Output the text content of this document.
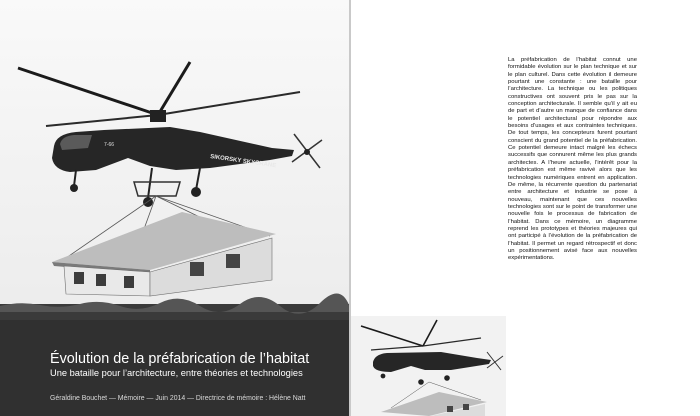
7-66
SIKORSKY SKYCRANE
Évolution de la préfabrication de l’habitat
Une bataille pour l’architecture, entre théories et technologies
Géraldine Bouchet — Mémoire — Juin 2014 — Directrice de mémoire : Hélène Natt

La préfabrication de l’habitat connut une formidable évolution sur le plan technique et sur le plan culturel. Dans cette évolution il demeure pourtant une constante : une bataille pour l’architecture. La technique ou les politiques constructives ont souvent pris le pas sur la conception architecturale. Il semble qu’il y ait eu de part et d’autre un manque de confiance dans le potentiel architectural pour répondre aux besoins d’usages et aux contraintes techniques. De tout temps, les concepteurs furent pourtant conscient du grand potentiel de la préfabrication. Ce potentiel demeure intact malgré les échecs successifs que connurent même les plus grands architectes. A l’heure actuelle, l’intérêt pour la préfabrication est même ravivé alors que les technologies numériques entrent en application. De même, la récurrente question du partenariat entre architecture et industrie se pose à nouveau, maintenant que ces nouvelles technologies sont sur le point de transformer une nouvelle fois le processus de fabrication de l’habitat. Dans ce mémoire, un diagramme reprend les prototypes et théories majeures qui ont participé à l’évolution de la préfabrication de l’habitat. Il permet un regard rétrospectif et donc un positionnement avisé face aux nouvelles expérimentations.
